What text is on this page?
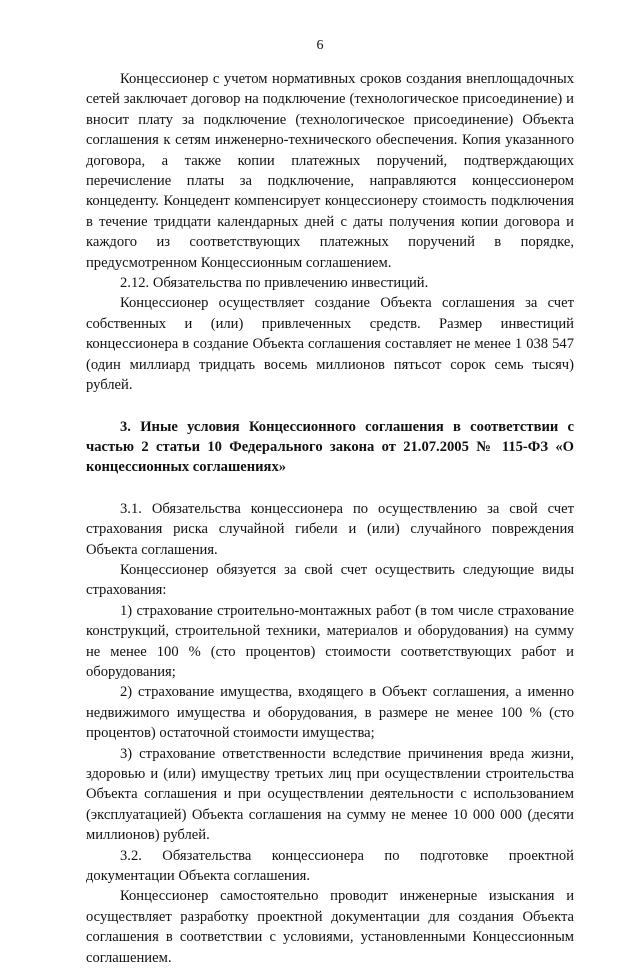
6

Концессионер с учетом нормативных сроков создания внеплощадочных сетей заключает договор на подключение (технологическое присоединение) и вносит плату за подключение (технологическое присоединение) Объекта соглашения к сетям инженерно-технического обеспечения. Копия указанного договора, а также копии платежных поручений, подтверждающих перечисление платы за подключение, направляются концессионером концеденту. Концедент компенсирует концессионеру стоимость подключения в течение тридцати календарных дней с даты получения копии договора и каждого из соответствующих платежных поручений в порядке, предусмотренном Концессионным соглашением.

2.12. Обязательства по привлечению инвестиций.

Концессионер осуществляет создание Объекта соглашения за счет собственных и (или) привлеченных средств. Размер инвестиций концессионера в создание Объекта соглашения составляет не менее 1 038 547 (один миллиард тридцать восемь миллионов пятьсот сорок семь тысяч) рублей.

3. Иные условия Концессионного соглашения в соответствии с частью 2 статьи 10 Федерального закона от 21.07.2005 № 115-ФЗ «О концессионных соглашениях»

3.1. Обязательства концессионера по осуществлению за свой счет страхования риска случайной гибели и (или) случайного повреждения Объекта соглашения.

Концессионер обязуется за свой счет осуществить следующие виды страхования:

1) страхование строительно-монтажных работ (в том числе страхование конструкций, строительной техники, материалов и оборудования) на сумму не менее 100 % (сто процентов) стоимости соответствующих работ и оборудования;

2) страхование имущества, входящего в Объект соглашения, а именно недвижимого имущества и оборудования, в размере не менее 100 % (сто процентов) остаточной стоимости имущества;

3) страхование ответственности вследствие причинения вреда жизни, здоровью и (или) имуществу третьих лиц при осуществлении строительства Объекта соглашения и при осуществлении деятельности с использованием (эксплуатацией) Объекта соглашения на сумму не менее 10 000 000 (десяти миллионов) рублей.

3.2. Обязательства концессионера по подготовке проектной документации Объекта соглашения.

Концессионер самостоятельно проводит инженерные изыскания и осуществляет разработку проектной документации для создания Объекта соглашения в соответствии с условиями, установленными Концессионным соглашением.
